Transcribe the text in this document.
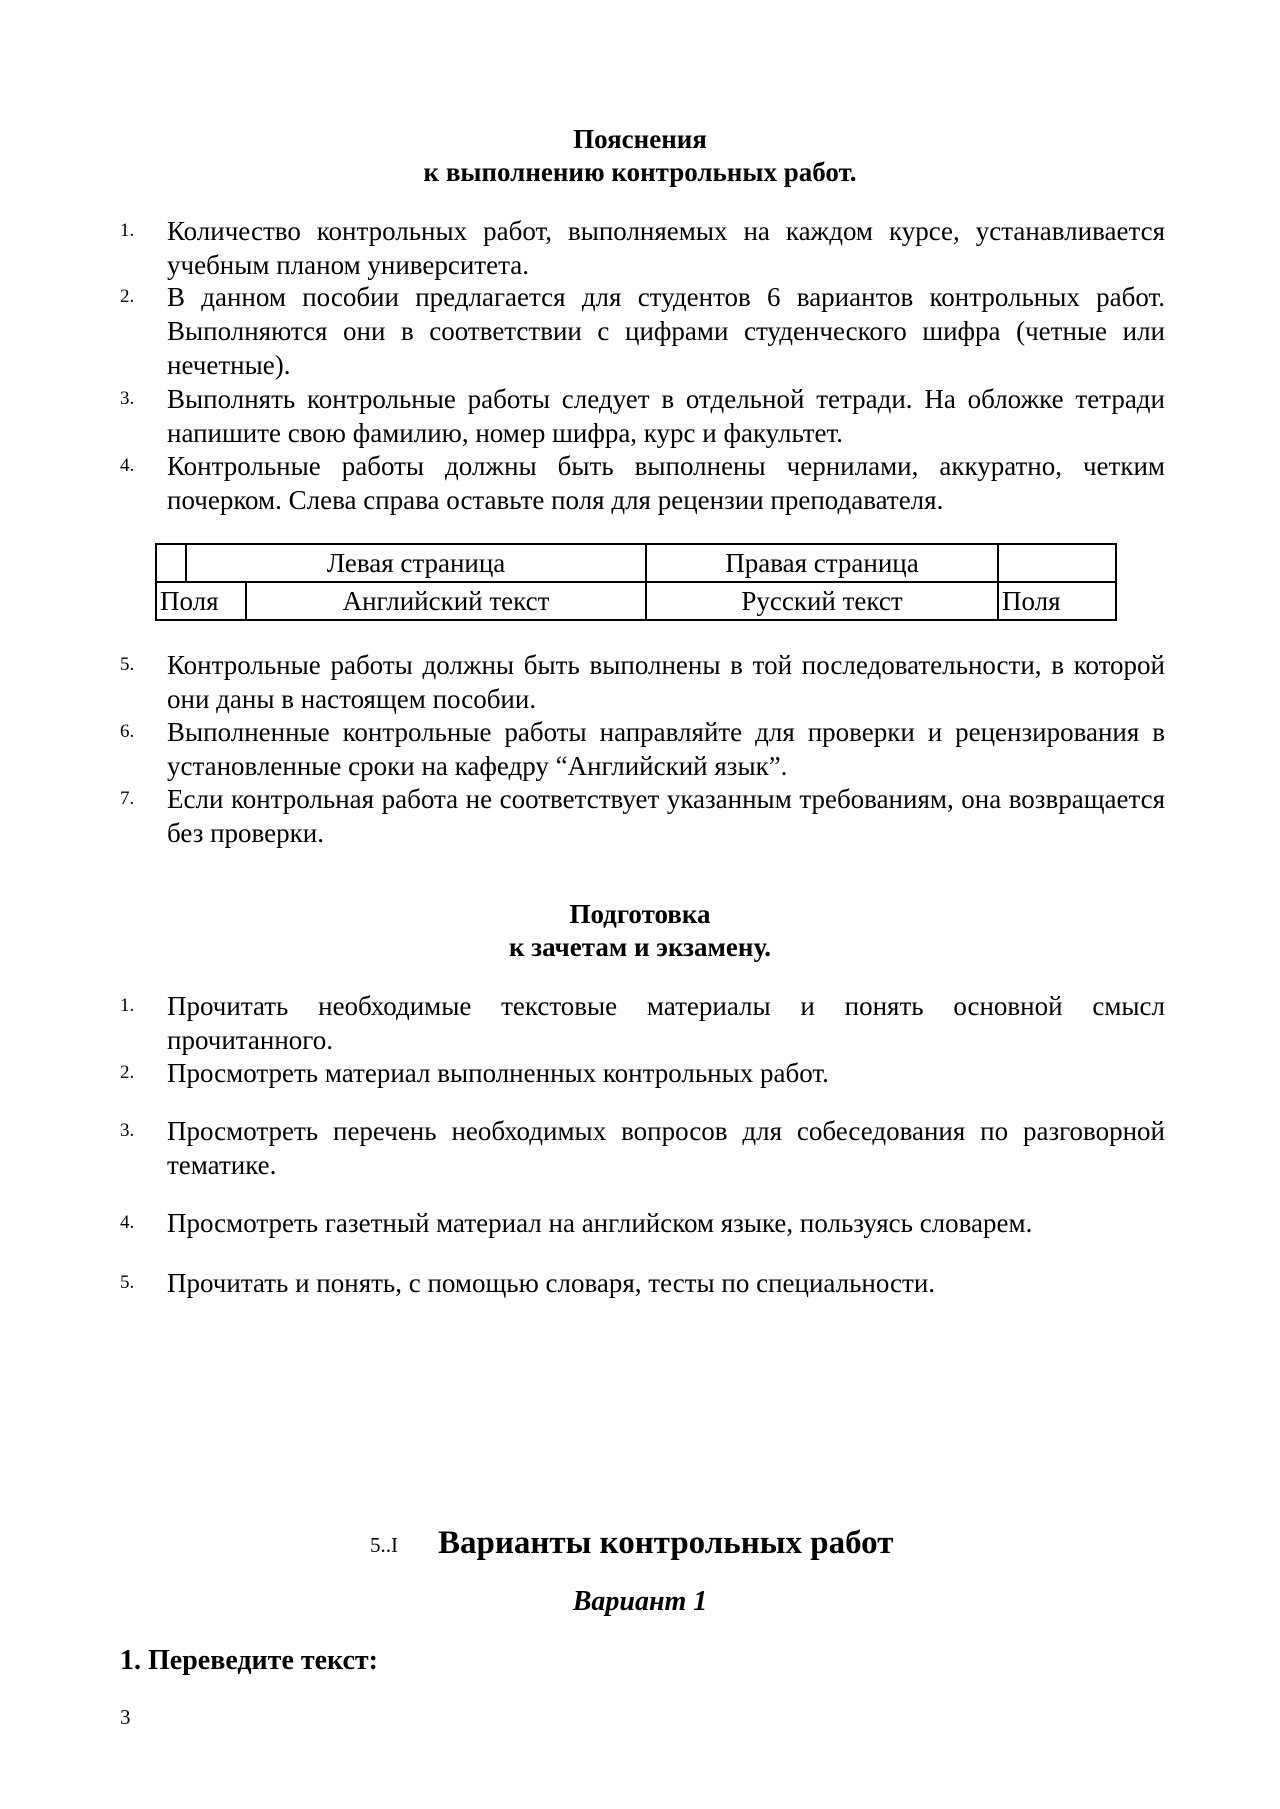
Пояснения
к выполнению контрольных работ.
1. Количество контрольных работ, выполняемых на каждом курсе, устанавливается учебным планом университета.
2. В данном пособии предлагается для студентов 6 вариантов контрольных работ. Выполняются они в соответствии с цифрами студенческого шифра (четные или нечетные).
3. Выполнять контрольные работы следует в отдельной тетради. На обложке тетради напишите свою фамилию, номер шифра, курс и факультет.
4. Контрольные работы должны быть выполнены чернилами, аккуратно, четким почерком. Слева справа оставьте поля для рецензии преподавателя.
	Левая страница		Правая страница	
Поля		Английский текст	Русский текст	Поля
5. Контрольные работы должны быть выполнены в той последовательности, в которой они даны в настоящем пособии.
6. Выполненные контрольные работы направляйте для проверки и рецензирования в установленные сроки на кафедру “Английский язык”.
7. Если контрольная работа не соответствует указанным требованиям, она возвращается без проверки.
Подготовка
к зачетам и экзамену.
1. Прочитать необходимые текстовые материалы и понять основной смысл прочитанного.
2. Просмотреть материал выполненных контрольных работ.
3. Просмотреть перечень необходимых вопросов для собеседования по разговорной тематике.
4. Просмотреть газетный материал на английском языке, пользуясь словарем.
5. Прочитать и понять, с помощью словаря, тесты по специальности.
5..I Варианты контрольных работ
Вариант 1
1. Переведите текст:
3
